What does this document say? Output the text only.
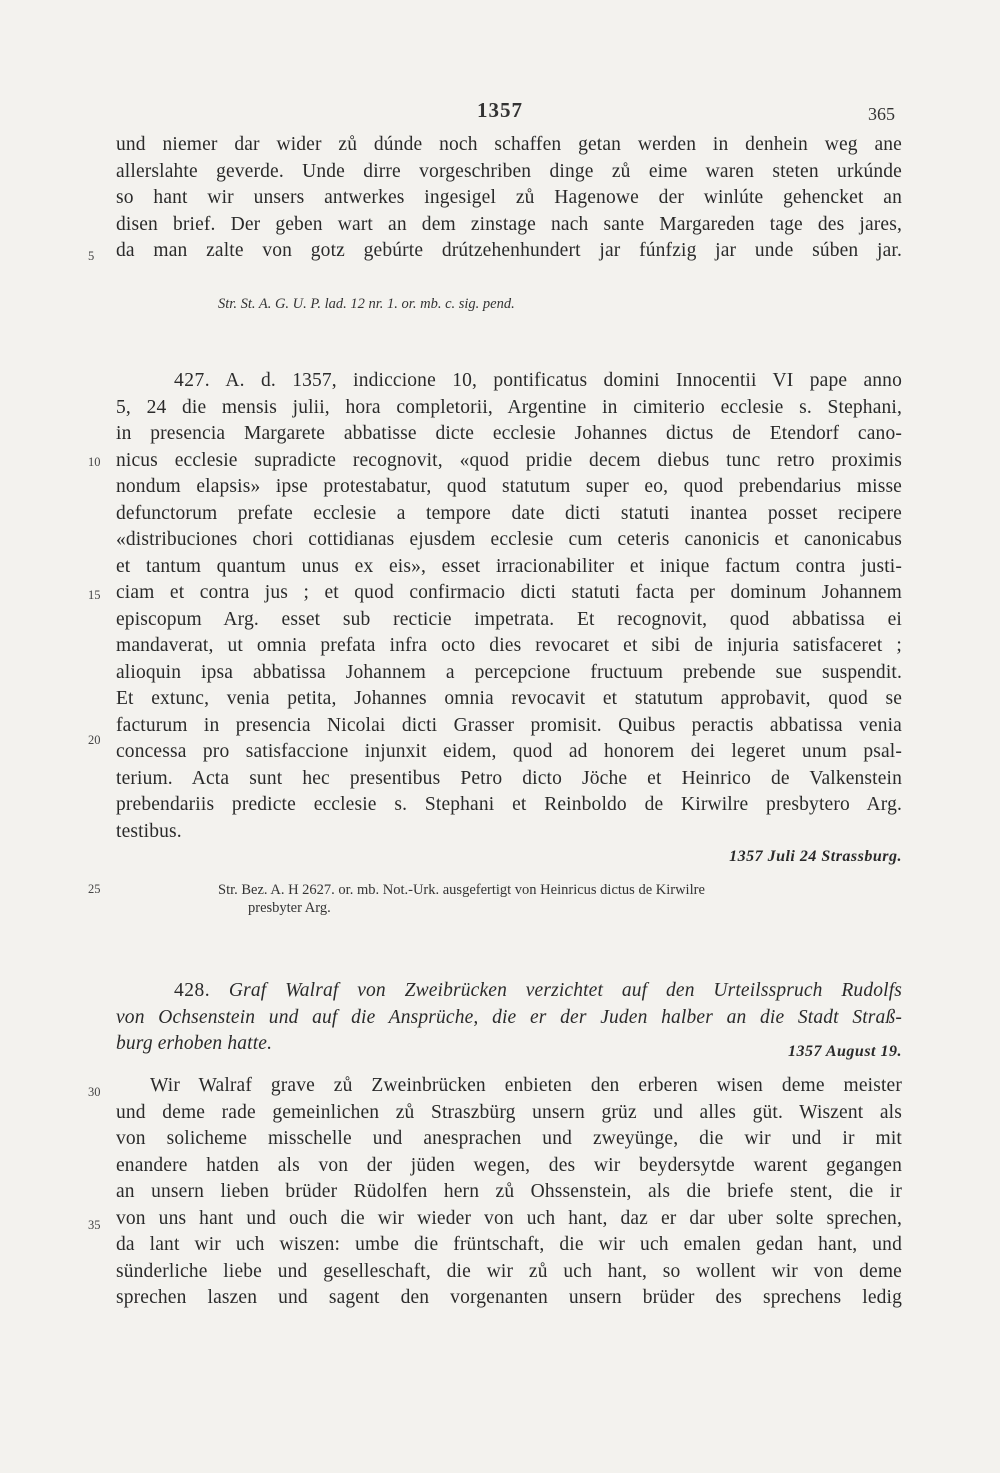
1357	365
und niemer dar wider zů dúnde noch schaffen getan werden in denhein weg ane
allerslahte geverde. Unde dirre vorgeschriben dinge zů eime waren steten urkúnde
so hant wir unsers antwerkes ingesigel zů Hagenowe der winlúte gehencket an
disen brief. Der geben wart an dem zinstage nach sante Margareden tage des jares,
da man zalte von gotz gebúrte drútzehenhundert jar fúnfzig jar unde súben jar.
5
Str. St. A. G. U. P. lad. 12 nr. 1. or. mb. c. sig. pend.
427. A. d. 1357, indiccione 10, pontificatus domini Innocentii VI pape anno
5, 24 die mensis julii, hora completorii, Argentine in cimiterio ecclesie s. Stephani,
in presencia Margarete abbatisse dicte ecclesie Johannes dictus de Etendorf cano-
nicus ecclesie supradicte recognovit, «quod pridie decem diebus tunc retro proximis
nondum elapsis» ipse protestabatur, quod statutum super eo, quod prebendarius misse
defunctorum prefate ecclesie a tempore date dicti statuti inantea posset recipere
«distribuciones chori cottidianas ejusdem ecclesie cum ceteris canonicis et canonicabus
et tantum quantum unus ex eis», esset irracionabiliter et inique factum contra justi-
ciam et contra jus ; et quod confirmacio dicti statuti facta per dominum Johannem
episcopum Arg. esset sub recticie impetrata. Et recognovit, quod abbatissa ei
mandaverat, ut omnia prefata infra octo dies revocaret et sibi de injuria satisfaceret ;
alioquin ipsa abbatissa Johannem a percepcione fructuum prebende sue suspendit.
Et extunc, venia petita, Johannes omnia revocavit et statutum approbavit, quod se
facturum in presencia Nicolai dicti Grasser promisit. Quibus peractis abbatissa venia
concessa pro satisfaccione injunxit eidem, quod ad honorem dei legeret unum psal-
terium. Acta sunt hec presentibus Petro dicto Jöche et Heinrico de Valkenstein
prebendariis predicte ecclesie s. Stephani et Reinboldo de Kirwilre presbytero Arg.
testibus.
1357 Juli 24 Strassburg.
10
15
20
Str. Bez. A. H 2627. or. mb. Not.-Urk. ausgefertigt von Heinricus dictus de Kirwilre
presbyter Arg.
25
428. Graf Walraf von Zweibrücken verzichtet auf den Urteilsspruch Rudolfs
von Ochsenstein und auf die Ansprüche, die er der Juden halber an die Stadt Straß-
burg erhoben hatte.	1357 August 19.
Wir Walraf grave zů Zweinbrücken enbieten den erberen wisen deme meister
und deme rade gemeinlichen zů Straszbürg unsern grüz und alles güt. Wiszent als
von solicheme misschelle und anesprachen und zweyünge, die wir und ir mit
enandere hatden als von der jüden wegen, des wir beydersytde warent gegangen
an unsern lieben brüder Rüdolfen hern zů Ohssenstein, als die briefe stent, die ir
von uns hant und ouch die wir wieder von uch hant, daz er dar uber solte sprechen,
da lant wir uch wiszen: umbe die früntschaft, die wir uch emalen gedan hant, und
sünderliche liebe und geselleschaft, die wir zů uch hant, so wollent wir von deme
sprechen laszen und sagent den vorgenanten unsern brüder des sprechens ledig
30
35
